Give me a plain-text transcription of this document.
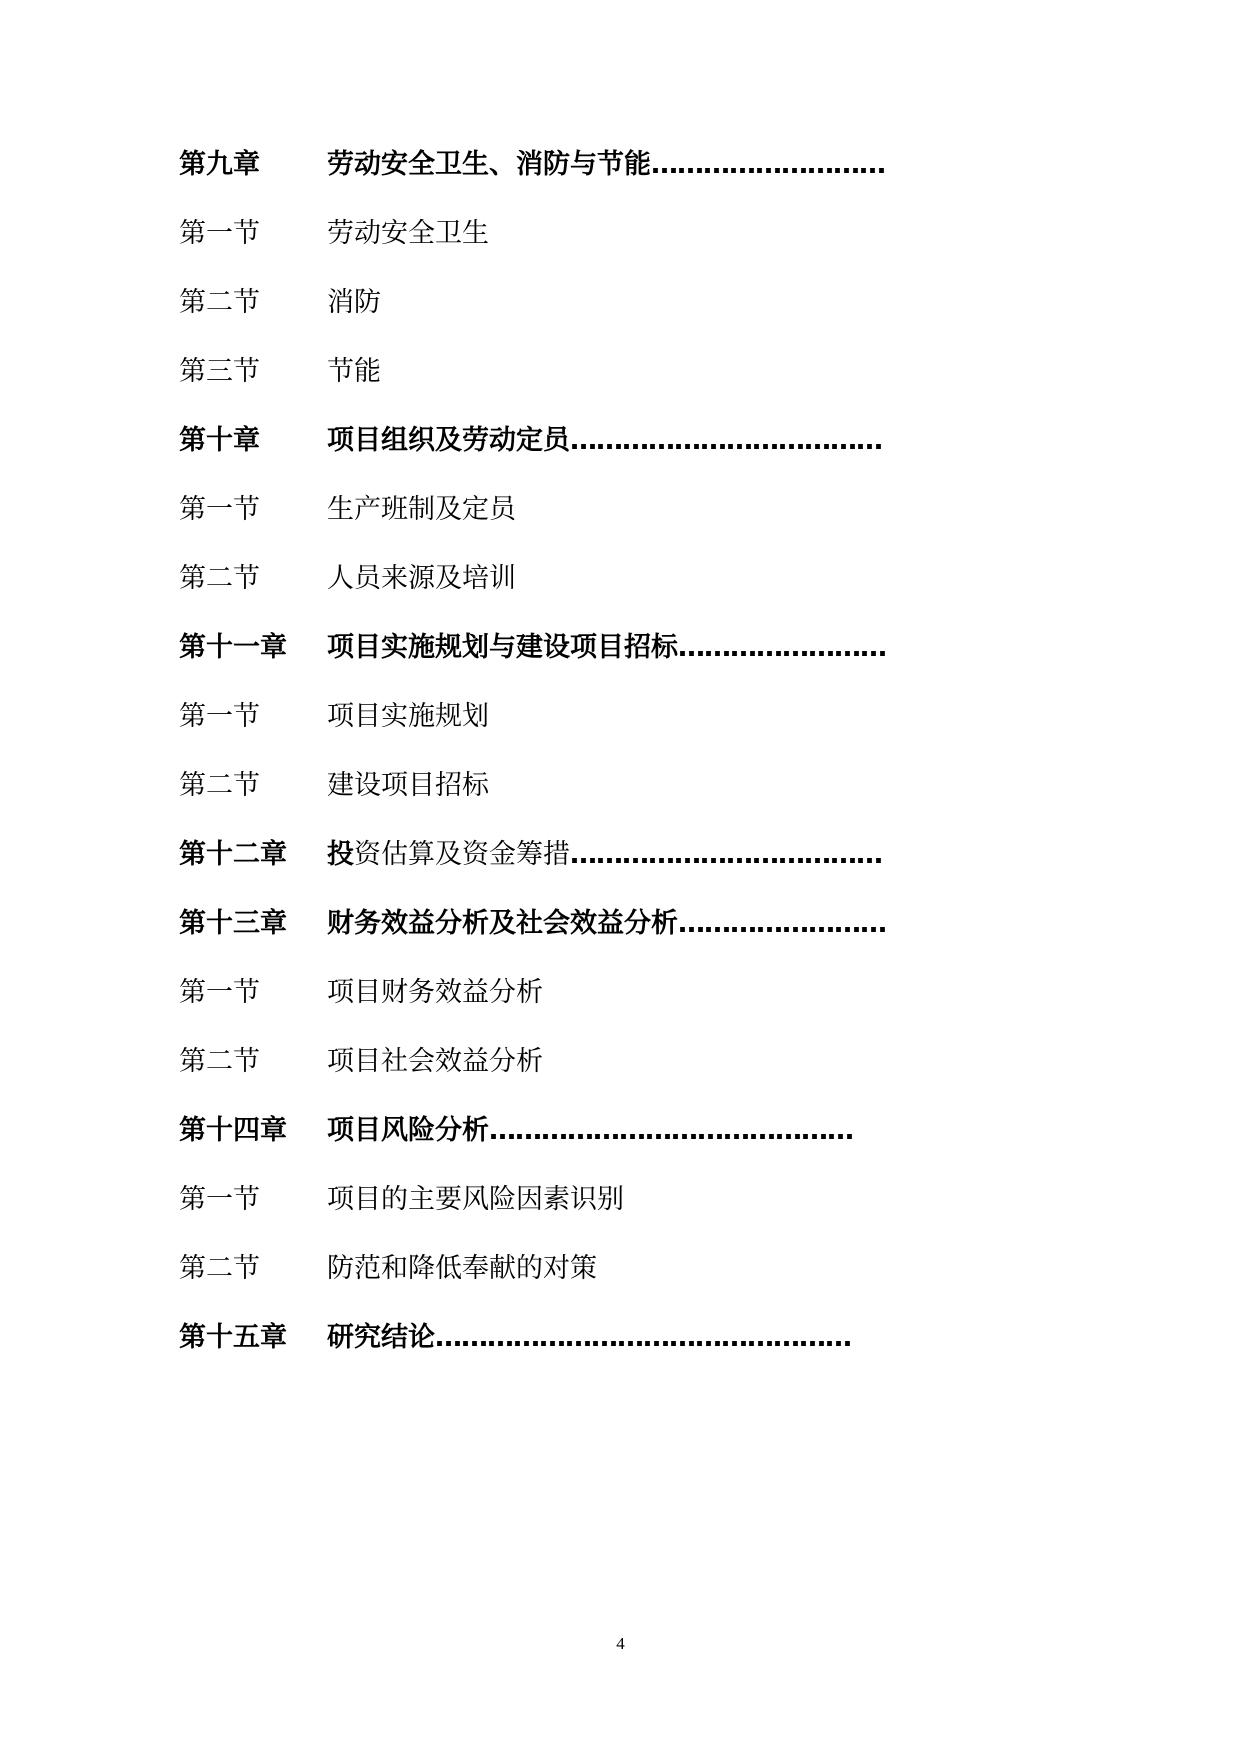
第九章	劳动安全卫生、消防与节能 ………………………
第一节	劳动安全卫生
第二节	消防
第三节	节能
第十章	项目组织及劳动定员 ………………………………
第一节	生产班制及定员
第二节	人员来源及培训
第十一章	项目实施规划与建设项目招标 ……………………
第一节	项目实施规划
第二节	建设项目招标
第十二章	投资估算及资金筹措 ………………………………
第十三章	财务效益分析及社会效益分析 ……………………
第一节	项目财务效益分析
第二节	项目社会效益分析
第十四章	项目风险分析 ……………………………………
第一节	项目的主要风险因素识别
第二节	防范和降低奉献的对策
第十五章	研究结论 …………………………………………
4
